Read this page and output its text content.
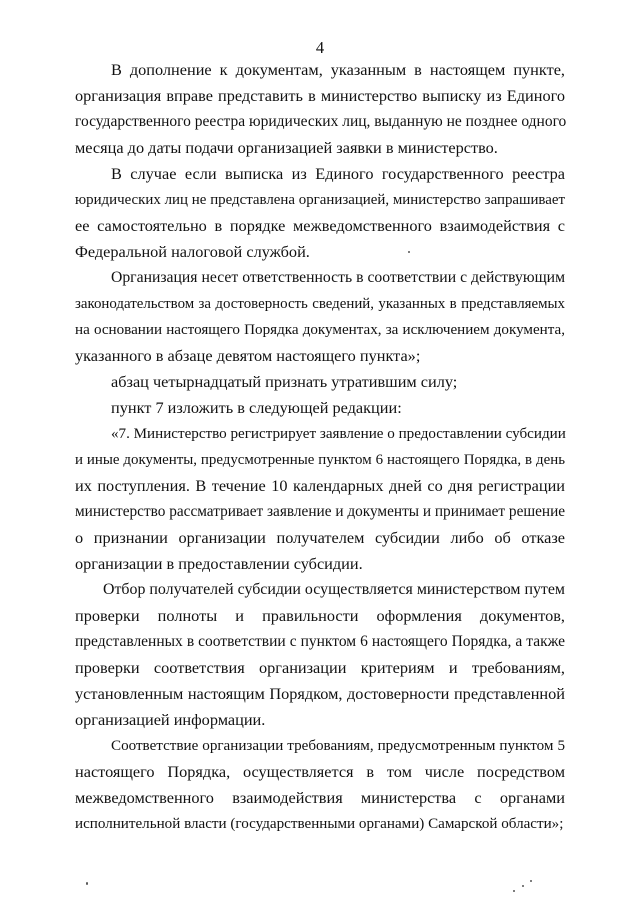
4
В дополнение к документам, указанным в настоящем пункте,
организация вправе представить в министерство выписку из Единого
государственного реестра юридических лиц, выданную не позднее одного
месяца до даты подачи организацией заявки в министерство.
В случае если выписка из Единого государственного реестра
юридических лиц не представлена организацией, министерство запрашивает
ее самостоятельно в порядке межведомственного взаимодействия с
Федеральной налоговой службой.
Организация несет ответственность в соответствии с действующим
законодательством за достоверность сведений, указанных в представляемых
на основании настоящего Порядка документах, за исключением документа,
указанного в абзаце девятом настоящего пункта»;
абзац четырнадцатый признать утратившим силу;
пункт 7 изложить в следующей редакции:
«7. Министерство регистрирует заявление о предоставлении субсидии
и иные документы, предусмотренные пунктом 6 настоящего Порядка, в день
их поступления. В течение 10 календарных дней со дня регистрации
министерство рассматривает заявление и документы и принимает решение
о признании организации получателем субсидии либо об отказе
организации в предоставлении субсидии.
Отбор получателей субсидии осуществляется министерством путем
проверки полноты и правильности оформления документов,
представленных в соответствии с пунктом 6 настоящего Порядка, а также
проверки соответствия организации критериям и требованиям,
установленным настоящим Порядком, достоверности представленной
организацией информации.
Соответствие организации требованиям, предусмотренным пунктом 5
настоящего Порядка, осуществляется в том числе посредством
межведомственного взаимодействия министерства с органами
исполнительной власти (государственными органами) Самарской области»;
